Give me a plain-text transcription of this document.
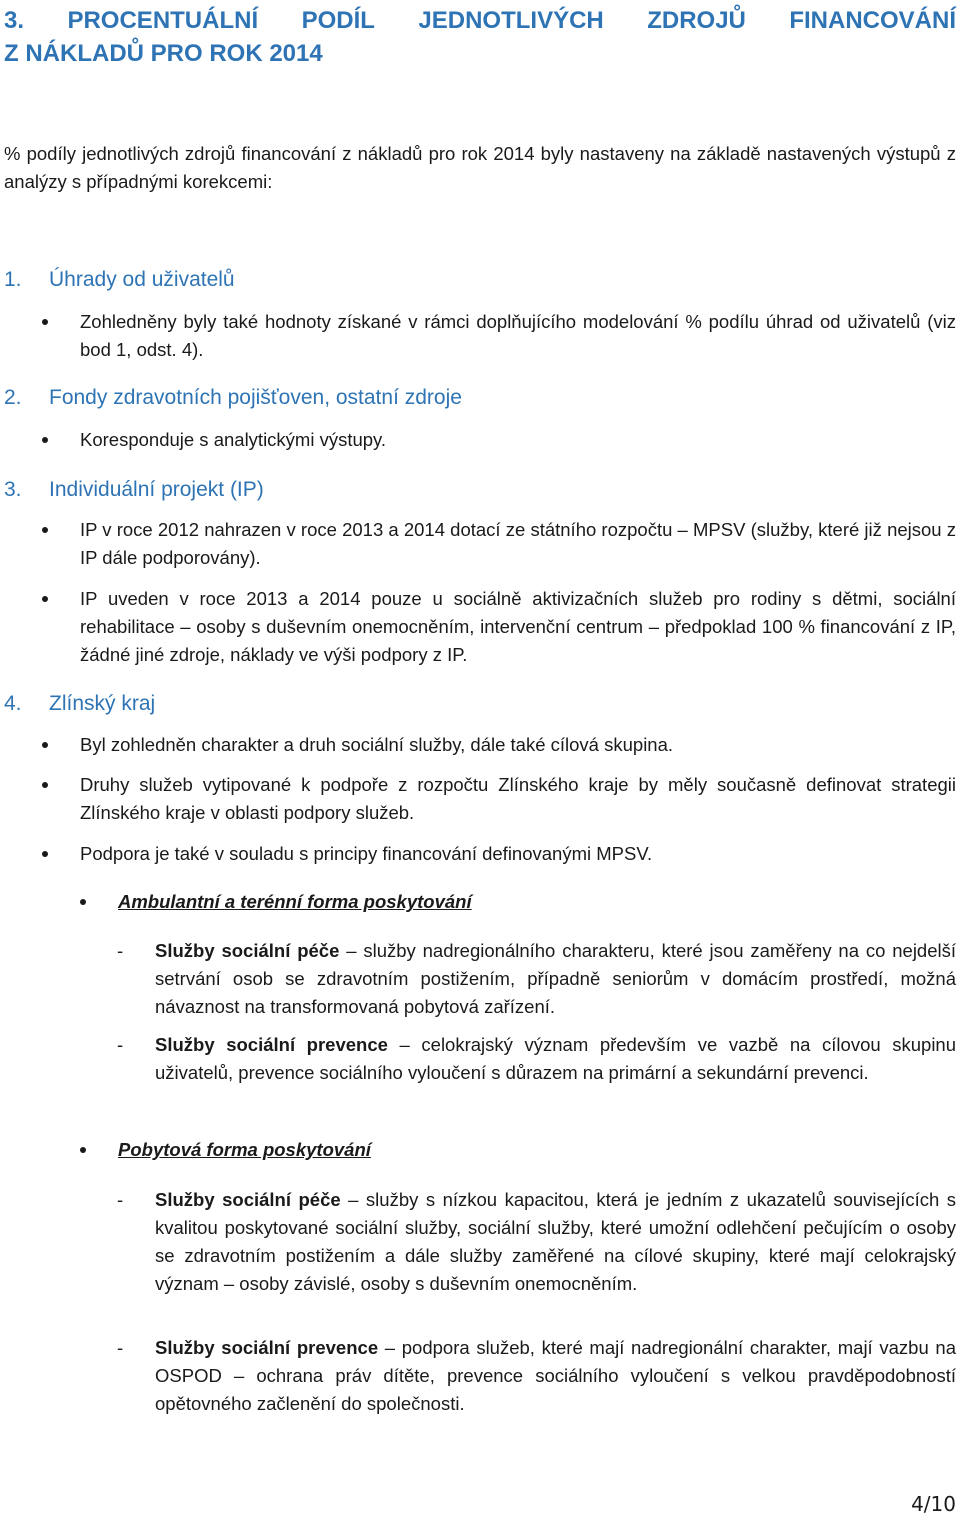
3. PROCENTUÁLNÍ PODÍL JEDNOTLIVÝCH ZDROJŮ FINANCOVÁNÍ
Z NÁKLADŮ PRO ROK 2014
% podíly jednotlivých zdrojů financování z nákladů pro rok 2014 byly nastaveny na základě nastavených výstupů z analýzy s případnými korekcemi:
1. Úhrady od uživatelů
Zohledněny byly také hodnoty získané v rámci doplňujícího modelování % podílu úhrad od uživatelů (viz bod 1, odst. 4).
2. Fondy zdravotních pojišťoven, ostatní zdroje
Koresponduje s analytickými výstupy.
3. Individuální projekt (IP)
IP v roce 2012 nahrazen v roce 2013 a 2014 dotací ze státního rozpočtu – MPSV (služby, které již nejsou z IP dále podporovány).
IP uveden v roce 2013 a 2014 pouze u sociálně aktivizačních služeb pro rodiny s dětmi, sociální rehabilitace – osoby s duševním onemocněním, intervenční centrum – předpoklad 100 % financování z IP, žádné jiné zdroje, náklady ve výši podpory z IP.
4. Zlínský kraj
Byl zohledněn charakter a druh sociální služby, dále také cílová skupina.
Druhy služeb vytipované k podpoře z rozpočtu Zlínského kraje by měly současně definovat strategii Zlínského kraje v oblasti podpory služeb.
Podpora je také v souladu s principy financování definovanými MPSV.
Ambulantní a terénní forma poskytování
- Služby sociální péče – služby nadregionálního charakteru, které jsou zaměřeny na co nejdelší setrvání osob se zdravotním postižením, případně seniorům v domácím prostředí, možná návaznost na transformovaná pobytová zařízení.
- Služby sociální prevence – celokrajský význam především ve vazbě na cílovou skupinu uživatelů, prevence sociálního vyloučení s důrazem na primární a sekundární prevenci.
Pobytová forma poskytování
- Služby sociální péče – služby s nízkou kapacitou, která je jedním z ukazatelů souvisejících s kvalitou poskytované sociální služby, sociální služby, které umožní odlehčení pečujícím o osoby se zdravotním postižením a dále služby zaměřené na cílové skupiny, které mají celokrajský význam – osoby závislé, osoby s duševním onemocněním.
- Služby sociální prevence – podpora služeb, které mají nadregionální charakter, mají vazbu na OSPOD – ochrana práv dítěte, prevence sociálního vyloučení s velkou pravděpodobností opětovného začlenění do společnosti.
4/10
